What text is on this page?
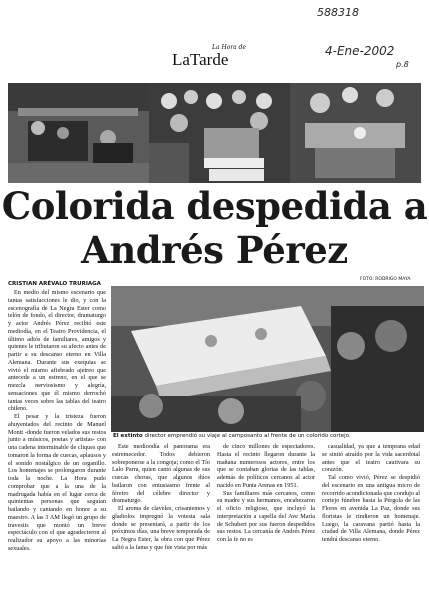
588318
4-Ene-2002
p.8
La Hora de
LaTarde
Colorida despedida a
Andrés Pérez
FOTO: RODRIGO MAYA
CRISTIAN ARÉVALO TRURIAGA
El extinto director emprendió su viaje al camposanto al frente de un colorido cortejo.

En medio del mismo escenario que tantas satisfacciones le dio, y con la escenografía de La Negra Ester como telón de fondo, el director, dramaturgo y actor Andrés Pérez recibió este mediodía, en el Teatro Providencia, el último adiós de familiares, amigos y quienes le tributaron su afecto antes de partir a su descanso eterno en Villa Alemana. Durante sus exequias se vivió el mismo afiebrado ajetreo que antecede a un estreno, en el que se mezcla nerviosismo y alegría, sensaciones que él mismo derrochó tantas veces sobre las tablas del teatro chileno.

El pesar y la tristeza fueron ahuyentados del recinto de Manuel Montt -donde fueron velados sus restos junto a músicos, poetas y artistas- con una cadena interminable de cliques que tomaron la forma de cuecas, aplausos y el sonido nostálgico de un organillo. Los homenajes se prolongaron durante toda la noche. La Hora pudo comprobar que a la una de la madrugada había en el lugar cerca de quinientas personas que seguían bailando y cantando en honor a su maestro. A las 3 AM llegó un grupo de travestis que montó un breve espectáculo con el que agradecieron al realizador su apoyo a las minorías sexuales.

Este medioodía el panorama era estremecedor. Todos debieron sobreponerse a la congoja; como el Tío Lalo Parra, quien cantó algunas de sus cuecas choras, que algunos dúos bailaron con entusiasmo frente al féretro del célebre director y dramaturgo.

El aroma de claveles, crisantemos y gladiolos impregnó la votesta sala donde se presentará, a partir de los próximos días, una breve temporada de La Negra Ester, la obra con que Pérez saltó a la fama y que fue vista por más

de cinco millones de espectadores. Hasta el recinto llegaron durante la mañana numerosos actores, entre los que se contaban glorias de las tablas, además de políticos cercanos al actor nacido en Punta Arenas en 1951.

Sus familiares más cercanos, como su madre y sus hermanos, encabezaron el oficio religioso, que incluyó la interpretación a capella del Ave María de Schubert por sus fueron despedidos sus restos. La cercanía de Andrés Pérez con la fe no es

casualidad, ya que a temprana edad se sintió atraído por la vida sacerdotal antes que el teatro cautivara su corazón.

Tal como vivió, Pérez se despidió del escenario en una antigua micro de recorrido acondicionada que condujo al cortejo fúnebre hasta la Pérgola de las Flores en avenida La Paz, donde sus floristas le rindieron un homenaje. Luego, la caravana partió hasta la ciudad de Villa Alemana, donde Pérez tendrá descanso eterno.
